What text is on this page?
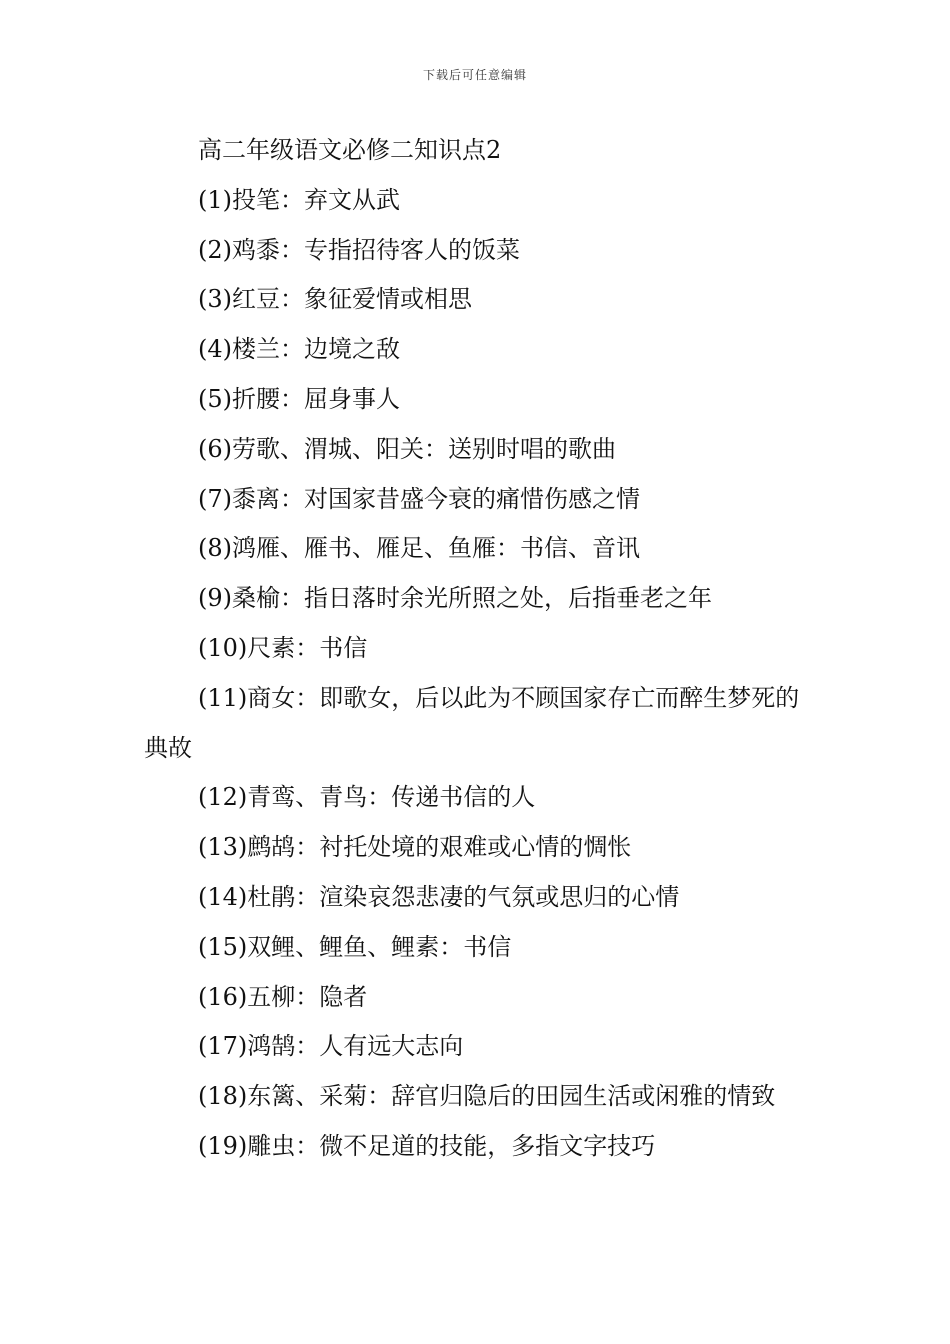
下载后可任意编辑

高二年级语文必修二知识点2

(1)投笔：弃文从武

(2)鸡黍：专指招待客人的饭菜

(3)红豆：象征爱情或相思

(4)楼兰：边境之敌

(5)折腰：屈身事人

(6)劳歌、渭城、阳关：送别时唱的歌曲

(7)黍离：对国家昔盛今衰的痛惜伤感之情

(8)鸿雁、雁书、雁足、鱼雁：书信、音讯

(9)桑榆：指日落时余光所照之处，后指垂老之年

(10)尺素：书信

(11)商女：即歌女，后以此为不顾国家存亡而醉生梦死的典故

(12)青鸾、青鸟：传递书信的人

(13)鹧鸪：衬托处境的艰难或心情的惆怅

(14)杜鹃：渲染哀怨悲凄的气氛或思归的心情

(15)双鲤、鲤鱼、鲤素：书信

(16)五柳：隐者

(17)鸿鹄：人有远大志向

(18)东篱、采菊：辞官归隐后的田园生活或闲雅的情致

(19)雕虫：微不足道的技能，多指文字技巧
